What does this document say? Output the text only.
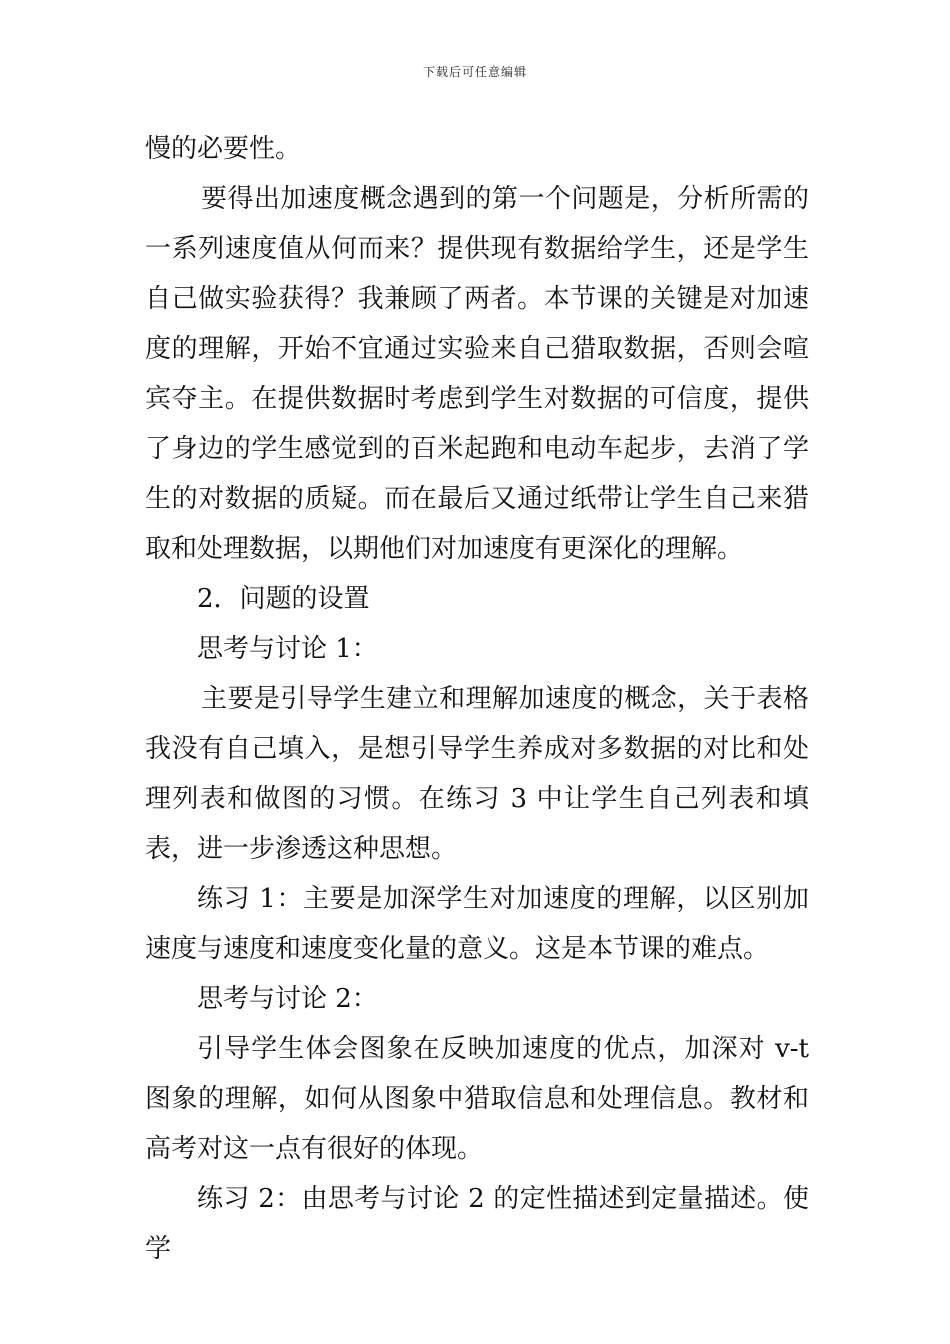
下载后可任意编辑

慢的必要性。

要得出加速度概念遇到的第一个问题是，分析所需的一系列速度值从何而来？提供现有数据给学生，还是学生自己做实验获得？我兼顾了两者。本节课的关键是对加速度的理解，开始不宜通过实验来自己猎取数据，否则会喧宾夺主。在提供数据时考虑到学生对数据的可信度，提供了身边的学生感觉到的百米起跑和电动车起步，去消了学生的对数据的质疑。而在最后又通过纸带让学生自己来猎取和处理数据，以期他们对加速度有更深化的理解。

2．问题的设置

思考与讨论 1：

主要是引导学生建立和理解加速度的概念，关于表格我没有自己填入，是想引导学生养成对多数据的对比和处理列表和做图的习惯。在练习 3 中让学生自己列表和填表，进一步渗透这种思想。

练习 1：主要是加深学生对加速度的理解，以区别加速度与速度和速度变化量的意义。这是本节课的难点。

思考与讨论 2：

引导学生体会图象在反映加速度的优点，加深对 v-t 图象的理解，如何从图象中猎取信息和处理信息。教材和高考对这一点有很好的体现。

练习 2：由思考与讨论 2 的定性描述到定量描述。使学
